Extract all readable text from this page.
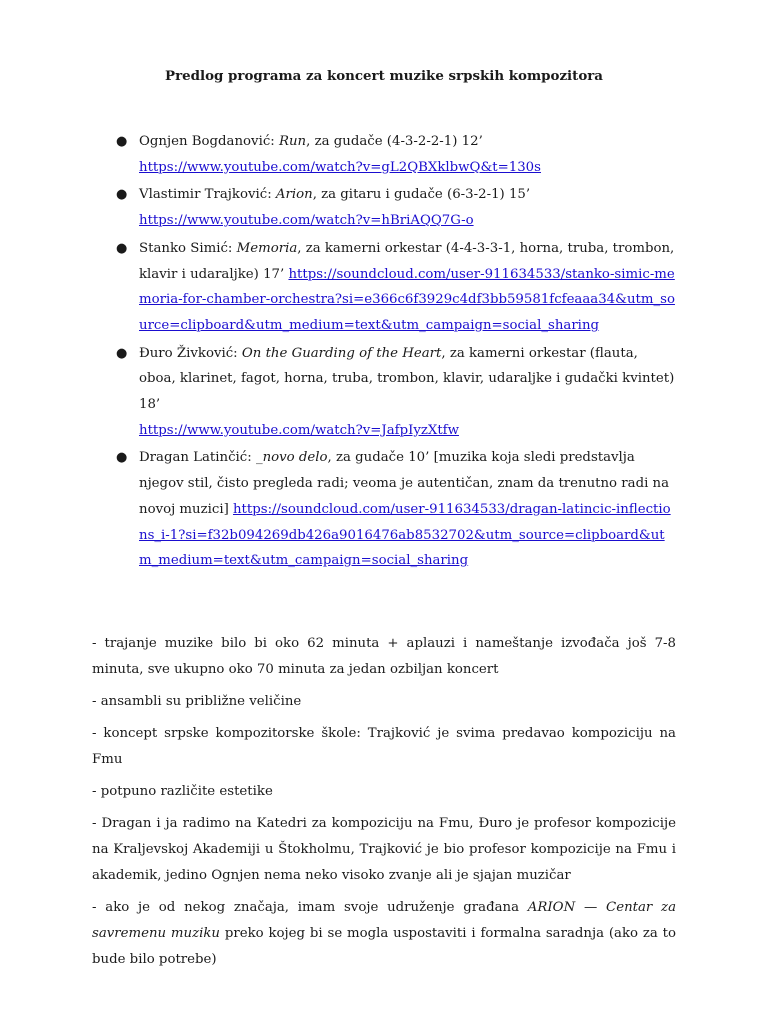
Predlog programa za koncert muzike srpskih kompozitora
● Ognjen Bogdanović: Run, za gudače (4-3-2-2-1) 12’
https://www.youtube.com/watch?v=gL2QBXklbwQ&t=130s
● Vlastimir Trajković: Arion, za gitaru i gudače (6-3-2-1) 15’
https://www.youtube.com/watch?v=hBriAQQ7G-o
● Stanko Simić: Memoria, za kamerni orkestar (4-4-3-3-1, horna, truba, trombon, klavir i udaraljke) 17’ https://soundcloud.com/user-911634533/stanko-simic-memoria-for-chamber-orchestra?si=e366c6f3929c4df3bb59581fcfeaaa34&utm_source=clipboard&utm_medium=text&utm_campaign=social_sharing
● Đuro Živković: On the Guarding of the Heart, za kamerni orkestar (flauta, oboa, klarinet, fagot, horna, truba, trombon, klavir, udaraljke i gudački kvintet) 18’
https://www.youtube.com/watch?v=JafpIyzXtfw
● Dragan Latinčić: _novo delo, za gudače 10’ [muzika koja sledi predstavlja njegov stil, čisto pregleda radi; veoma je autentičan, znam da trenutno radi na novoj muzici] https://soundcloud.com/user-911634533/dragan-latincic-inflections_i-1?si=f32b094269db426a9016476ab8532702&utm_source=clipboard&utm_medium=text&utm_campaign=social_sharing

- trajanje muzike bilo bi oko 62 minuta + aplauzi i nameštanje izvođača još 7-8 minuta, sve ukupno oko 70 minuta za jedan ozbiljan koncert

- ansambli su približne veličine

- koncept srpske kompozitorske škole: Trajković je svima predavao kompoziciju na Fmu

- potpuno različite estetike

- Dragan i ja radimo na Katedri za kompoziciju na Fmu, Đuro je profesor kompozicije na Kraljevskoj Akademiji u Štokholmu, Trajković je bio profesor kompozicije na Fmu i akademik, jedino Ognjen nema neko visoko zvanje ali je sjajan muzičar

- ako je od nekog značaja, imam svoje udruženje građana ARION — Centar za savremenu muziku preko kojeg bi se mogla uspostaviti i formalna saradnja (ako za to bude bilo potrebe)
